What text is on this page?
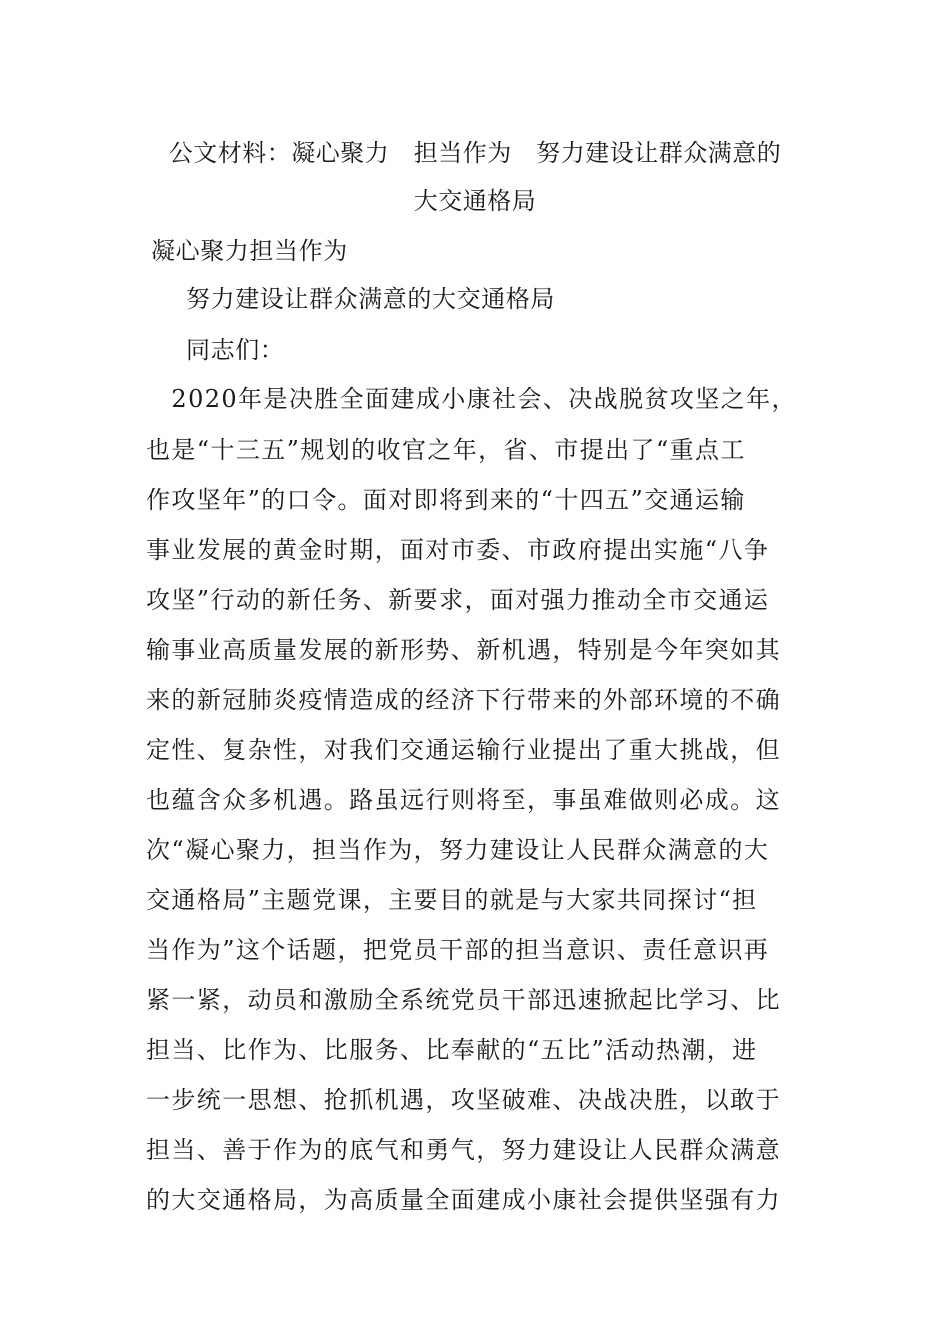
公文材料：凝心聚力　担当作为　努力建设让群众满意的
大交通格局
凝心聚力担当作为
努力建设让群众满意的大交通格局
同志们：
　2020年是决胜全面建成小康社会、决战脱贫攻坚之年，
也是“十三五”规划的收官之年，省、市提出了“重点工
作攻坚年”的口令。面对即将到来的“十四五”交通运输
事业发展的黄金时期，面对市委、市政府提出实施“八争
攻坚”行动的新任务、新要求，面对强力推动全市交通运
输事业高质量发展的新形势、新机遇，特别是今年突如其
来的新冠肺炎疫情造成的经济下行带来的外部环境的不确
定性、复杂性，对我们交通运输行业提出了重大挑战，但
也蕴含众多机遇。路虽远行则将至，事虽难做则必成。这
次“凝心聚力，担当作为，努力建设让人民群众满意的大
交通格局”主题党课，主要目的就是与大家共同探讨“担
当作为”这个话题，把党员干部的担当意识、责任意识再
紧一紧，动员和激励全系统党员干部迅速掀起比学习、比
担当、比作为、比服务、比奉献的“五比”活动热潮，进
一步统一思想、抢抓机遇，攻坚破难、决战决胜，以敢于
担当、善于作为的底气和勇气，努力建设让人民群众满意
的大交通格局，为高质量全面建成小康社会提供坚强有力
